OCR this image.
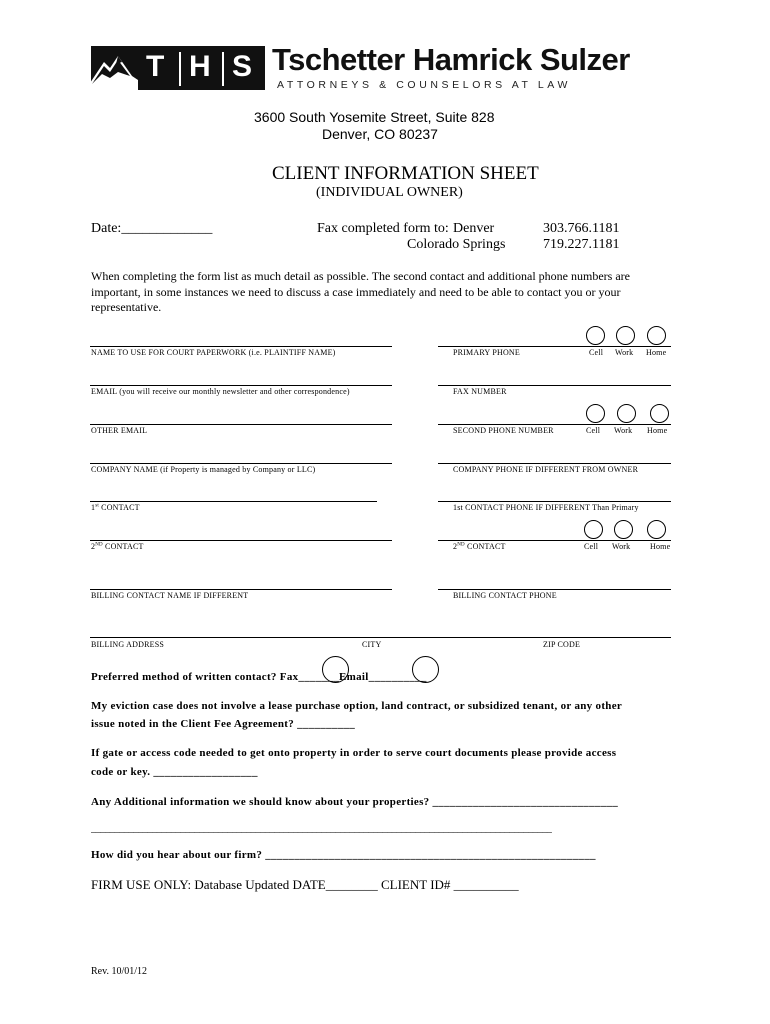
T H S Tschetter Hamrick Sulzer
ATTORNEYS & COUNSELORS AT LAW
3600 South Yosemite Street, Suite 828
Denver, CO 80237
CLIENT INFORMATION SHEET
(INDIVIDUAL OWNER)
Date:_____________	Fax completed form to: Denver	303.766.1181
Colorado Springs	719.227.1181
When completing the form list as much detail as possible. The second contact and additional phone numbers are
important, in some instances we need to discuss a case immediately and need to be able to contact you or your
representative.
NAME TO USE FOR COURT PAPERWORK (i.e. PLAINTIFF NAME)	PRIMARY PHONE	Cell Work Home
EMAIL (you will receive our monthly newsletter and other correspondence)	FAX NUMBER
OTHER EMAIL	SECOND PHONE NUMBER	Cell Work Home
COMPANY NAME (if Property is managed by Company or LLC)	COMPANY PHONE IF DIFFERENT FROM OWNER
1st CONTACT	1st CONTACT PHONE IF DIFFERENT Than Primary
2ND CONTACT	2ND CONTACT	Cell Work Home
BILLING CONTACT NAME IF DIFFERENT	BILLING CONTACT PHONE
BILLING ADDRESS	CITY	ZIP CODE
Preferred method of written contact? Fax_______Email__________
My eviction case does not involve a lease purchase option, land contract, or subsidized tenant, or any other
issue noted in the Client Fee Agreement? __________
If gate or access code needed to get onto property in order to serve court documents please provide access
code or key. __________________
Any Additional information we should know about your properties? ________________________________
__________________________________________________________________________________________________
How did you hear about our firm? _________________________________________________________
FIRM USE ONLY: Database Updated DATE________ CLIENT ID# __________
Rev. 10/01/12
